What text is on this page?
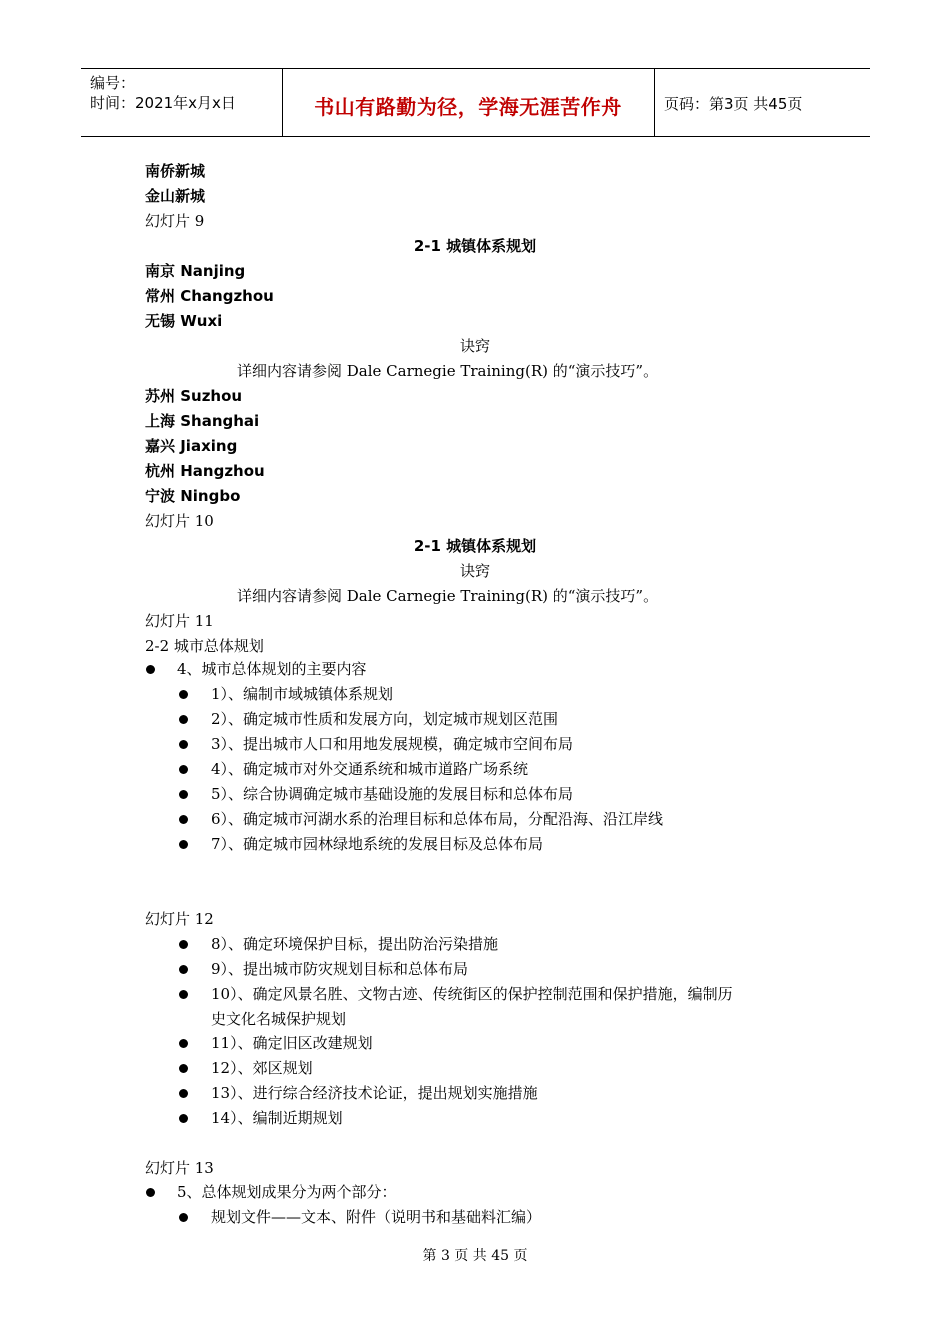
编号：
时间：2021年x月x日	书山有路勤为径，学海无涯苦作舟	页码：第3页 共45页
南侨新城
金山新城
幻灯片 9
2-1 城镇体系规划
南京 Nanjing
常州 Changzhou
无锡 Wuxi
诀窍
详细内容请参阅 Dale Carnegie Training(R) 的“演示技巧”。
苏州 Suzhou
上海 Shanghai
嘉兴 Jiaxing
杭州 Hangzhou
宁波 Ningbo
幻灯片 10
2-1 城镇体系规划
诀窍
详细内容请参阅 Dale Carnegie Training(R) 的“演示技巧”。
幻灯片 11
2-2 城市总体规划
4、城市总体规划的主要内容
1）、编制市域城镇体系规划
2）、确定城市性质和发展方向，划定城市规划区范围
3）、提出城市人口和用地发展规模，确定城市空间布局
4）、确定城市对外交通系统和城市道路广场系统
5）、综合协调确定城市基础设施的发展目标和总体布局
6）、确定城市河湖水系的治理目标和总体布局，分配沿海、沿江岸线
7）、确定城市园林绿地系统的发展目标及总体布局
幻灯片 12
8）、确定环境保护目标，提出防治污染措施
9）、提出城市防灾规划目标和总体布局
10）、确定风景名胜、文物古迹、传统街区的保护控制范围和保护措施，编制历
史文化名城保护规划
11）、确定旧区改建规划
12）、郊区规划
13）、进行综合经济技术论证，提出规划实施措施
14）、编制近期规划
幻灯片 13
5、总体规划成果分为两个部分：
规划文件——文本、附件（说明书和基础料汇编）
第 3 页 共 45 页
